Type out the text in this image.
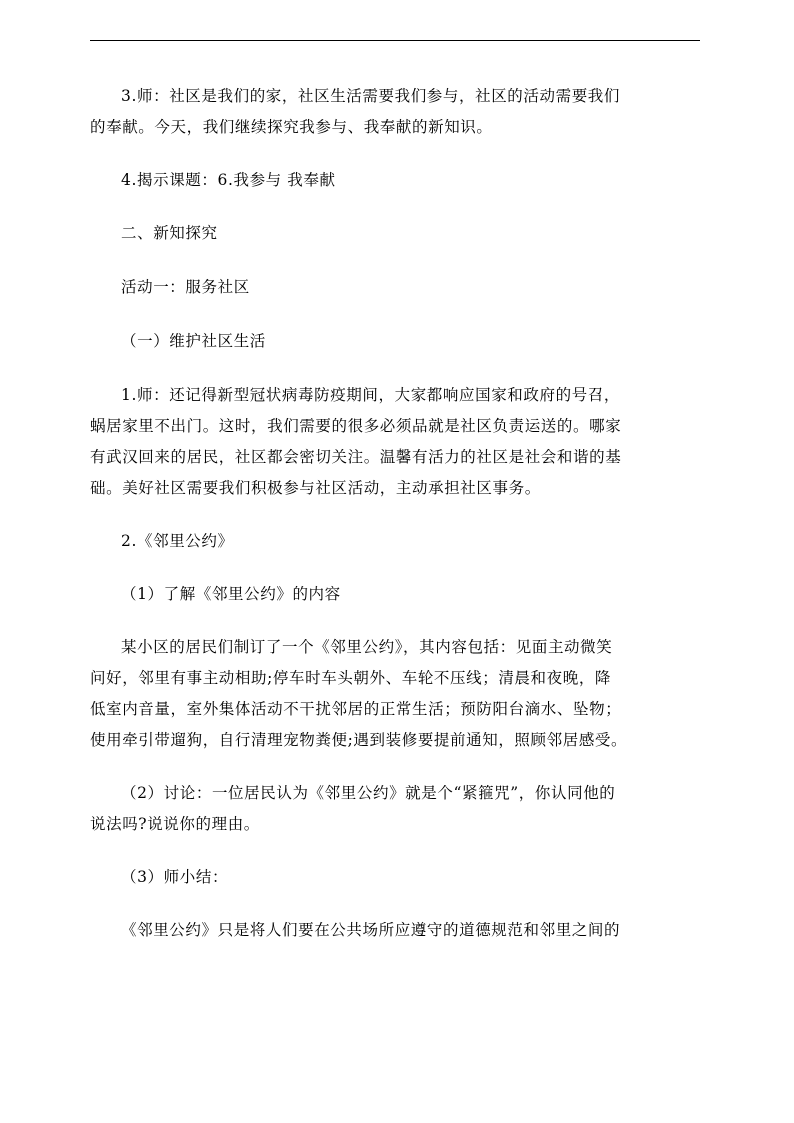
3.师：社区是我们的家，社区生活需要我们参与，社区的活动需要我们
的奉献。今天，我们继续探究我参与、我奉献的新知识。

4.揭示课题：6.我参与 我奉献

二、新知探究

活动一：服务社区

（一）维护社区生活

1.师：还记得新型冠状病毒防疫期间，大家都响应国家和政府的号召，
蜗居家里不出门。这时，我们需要的很多必须品就是社区负责运送的。哪家
有武汉回来的居民，社区都会密切关注。温馨有活力的社区是社会和谐的基
础。美好社区需要我们积极参与社区活动，主动承担社区事务。

2.《邻里公约》

（1）了解《邻里公约》的内容

某小区的居民们制订了一个《邻里公约》，其内容包括：见面主动微笑
问好，邻里有事主动相助;停车时车头朝外、车轮不压线；清晨和夜晚，降
低室内音量，室外集体活动不干扰邻居的正常生活；预防阳台滴水、坠物；
使用牵引带遛狗，自行清理宠物粪便;遇到装修要提前通知，照顾邻居感受。

（2）讨论：一位居民认为《邻里公约》就是个“紧箍咒”，你认同他的
说法吗?说说你的理由。

（3）师小结：

《邻里公约》只是将人们要在公共场所应遵守的道德规范和邻里之间的
